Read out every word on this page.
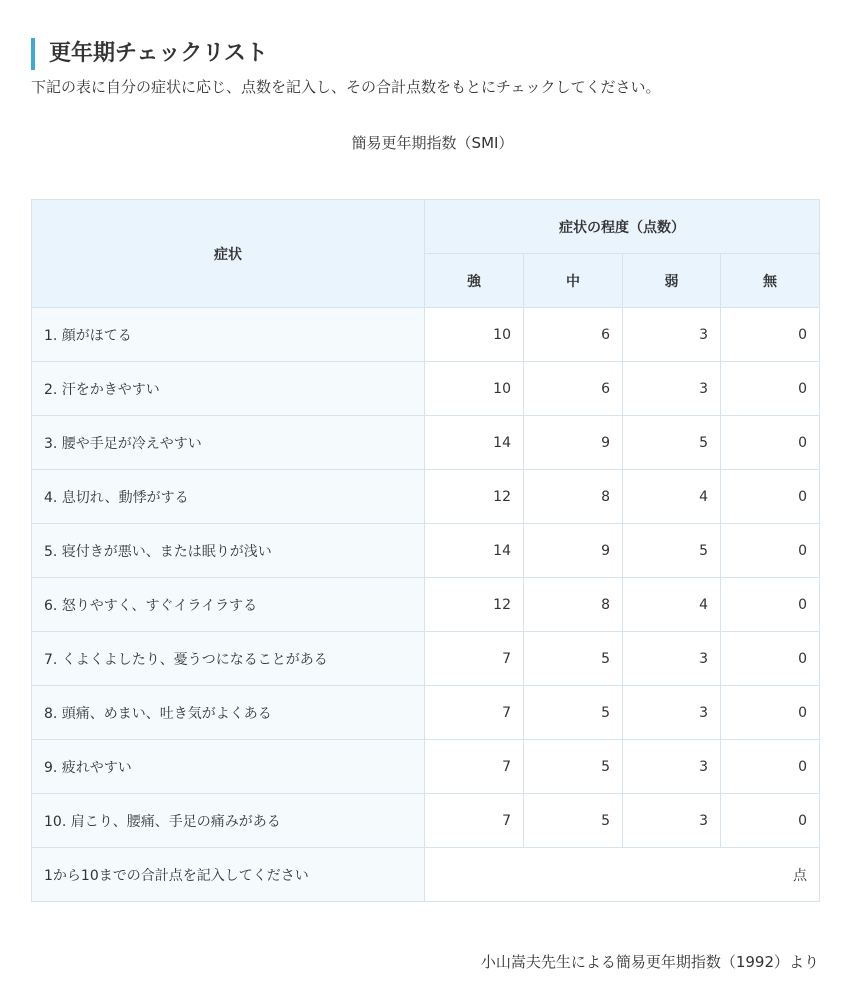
更年期チェックリスト

下記の表に自分の症状に応じ、点数を記入し、その合計点数をもとにチェックしてください。

簡易更年期指数（SMI）
症状	症状の程度（点数）			
	強	中	弱	無
1. 顔がほてる	10	6	3	0
2. 汗をかきやすい	10	6	3	0
3. 腰や手足が冷えやすい	14	9	5	0
4. 息切れ、動悸がする	12	8	4	0
5. 寝付きが悪い、または眠りが浅い	14	9	5	0
6. 怒りやすく、すぐイライラする	12	8	4	0
7. くよくよしたり、憂うつになることがある	7	5	3	0
8. 頭痛、めまい、吐き気がよくある	7	5	3	0
9. 疲れやすい	7	5	3	0
10. 肩こり、腰痛、手足の痛みがある	7	5	3	0
1から10までの合計点を記入してください	点			
小山嵩夫先生による簡易更年期指数（1992）より
